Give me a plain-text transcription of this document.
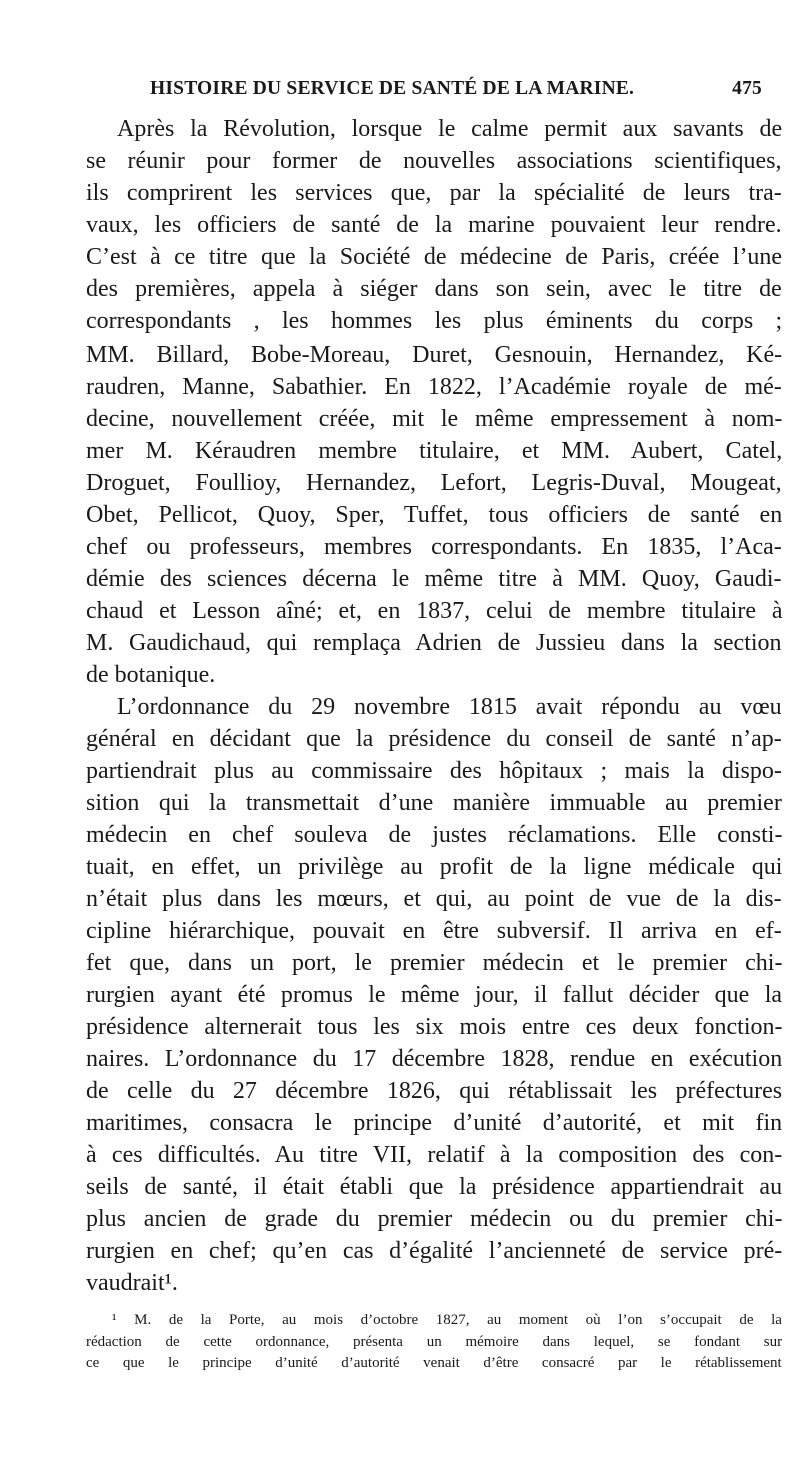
HISTOIRE DU SERVICE DE SANTÉ DE LA MARINE.	475
Après la Révolution, lorsque le calme permit aux savants de
se réunir pour former de nouvelles associations scientifiques,
ils comprirent les services que, par la spécialité de leurs tra-
vaux, les officiers de santé de la marine pouvaient leur rendre.
C’est à ce titre que la Société de médecine de Paris, créée l’une
des premières, appela à siéger dans son sein, avec le titre de
correspondants , les hommes les plus éminents du corps ;
MM. Billard, Bobe-Moreau, Duret, Gesnouin, Hernandez, Ké-
raudren, Manne, Sabathier. En 1822, l’Académie royale de mé-
decine, nouvellement créée, mit le même empressement à nom-
mer M. Kéraudren membre titulaire, et MM. Aubert, Catel,
Droguet, Foullioy, Hernandez, Lefort, Legris-Duval, Mougeat,
Obet, Pellicot, Quoy, Sper, Tuffet, tous officiers de santé en
chef ou professeurs, membres correspondants. En 1835, l’Aca-
démie des sciences décerna le même titre à MM. Quoy, Gaudi-
chaud et Lesson aîné; et, en 1837, celui de membre titulaire à
M. Gaudichaud, qui remplaça Adrien de Jussieu dans la section
de botanique.
L’ordonnance du 29 novembre 1815 avait répondu au vœu
général en décidant que la présidence du conseil de santé n’ap-
partiendrait plus au commissaire des hôpitaux ; mais la dispo-
sition qui la transmettait d’une manière immuable au premier
médecin en chef souleva de justes réclamations. Elle consti-
tuait, en effet, un privilège au profit de la ligne médicale qui
n’était plus dans les mœurs, et qui, au point de vue de la dis-
cipline hiérarchique, pouvait en être subversif. Il arriva en ef-
fet que, dans un port, le premier médecin et le premier chi-
rurgien ayant été promus le même jour, il fallut décider que la
présidence alternerait tous les six mois entre ces deux fonction-
naires. L’ordonnance du 17 décembre 1828, rendue en exécution
de celle du 27 décembre 1826, qui rétablissait les préfectures
maritimes, consacra le principe d’unité d’autorité, et mit fin
à ces difficultés. Au titre VII, relatif à la composition des con-
seils de santé, il était établi que la présidence appartiendrait au
plus ancien de grade du premier médecin ou du premier chi-
rurgien en chef; qu’en cas d’égalité l’ancienneté de service pré-
vaudrait¹.
¹ M. de la Porte, au mois d’octobre 1827, au moment où l’on s’occupait de la
rédaction de cette ordonnance, présenta un mémoire dans lequel, se fondant sur
ce que le principe d’unité d’autorité venait d’être consacré par le rétablissement
